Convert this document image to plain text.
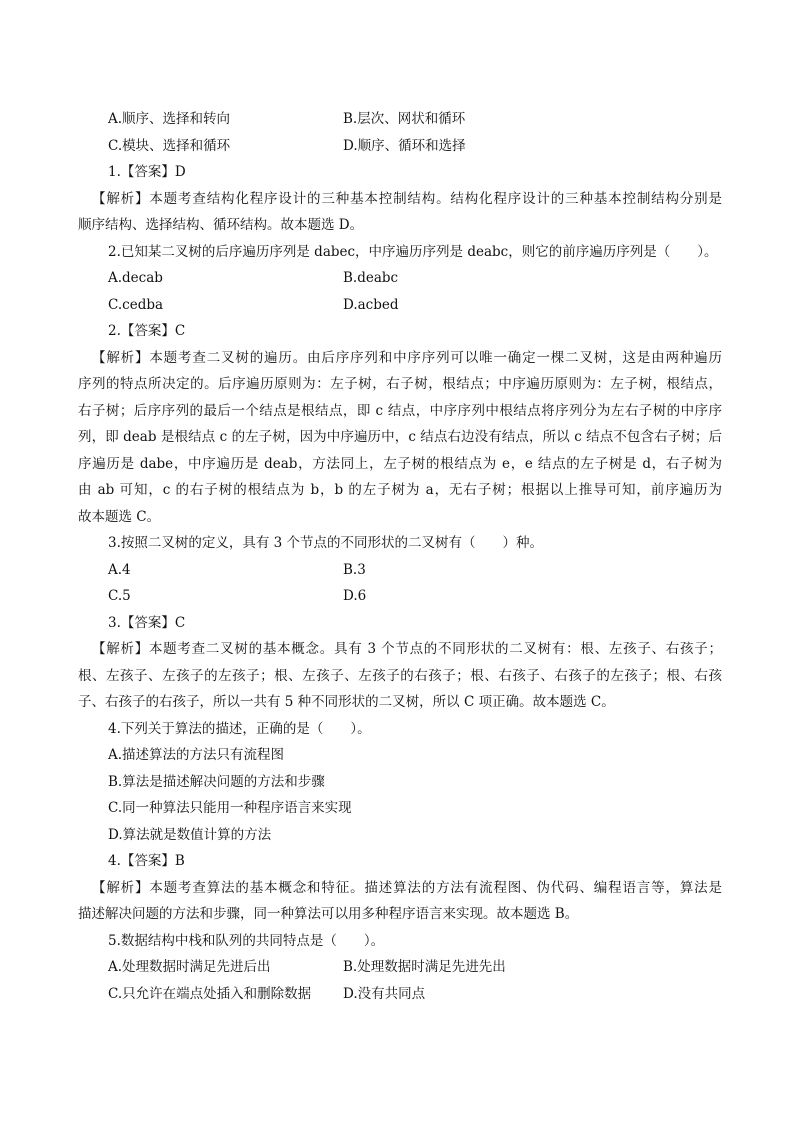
A.顺序、选择和转向	B.层次、网状和循环
C.模块、选择和循环	D.顺序、循环和选择
1.【答案】D
【解析】本题考查结构化程序设计的三种基本控制结构。结构化程序设计的三种基本控制结构分别是
顺序结构、选择结构、循环结构。故本题选 D。
2.已知某二叉树的后序遍历序列是 dabec，中序遍历序列是 deabc，则它的前序遍历序列是（　　）。
A.decab	B.deabc
C.cedba	D.acbed
2.【答案】C
【解析】本题考查二叉树的遍历。由后序序列和中序序列可以唯一确定一棵二叉树，这是由两种遍历
序列的特点所决定的。后序遍历原则为：左子树，右子树，根结点；中序遍历原则为：左子树，根结点，
右子树；后序序列的最后一个结点是根结点，即 c 结点，中序序列中根结点将序列分为左右子树的中序序
列，即 deab 是根结点 c 的左子树，因为中序遍历中，c 结点右边没有结点，所以 c 结点不包含右子树；后
序遍历是 dabe，中序遍历是 deab，方法同上，左子树的根结点为 e，e 结点的左子树是 d，右子树为
由 ab 可知，c 的右子树的根结点为 b，b 的左子树为 a，无右子树；根据以上推导可知，前序遍历为
故本题选 C。
3.按照二叉树的定义，具有 3 个节点的不同形状的二叉树有（　　）种。
A.4	B.3
C.5	D.6
3.【答案】C
【解析】本题考查二叉树的基本概念。具有 3 个节点的不同形状的二叉树有：根、左孩子、右孩子；
根、左孩子、左孩子的左孩子；根、左孩子、左孩子的右孩子；根、右孩子、右孩子的左孩子；根、右孩
子、右孩子的右孩子，所以一共有 5 种不同形状的二叉树，所以 C 项正确。故本题选 C。
4.下列关于算法的描述，正确的是（　　）。
A.描述算法的方法只有流程图
B.算法是描述解决问题的方法和步骤
C.同一种算法只能用一种程序语言来实现
D.算法就是数值计算的方法
4.【答案】B
【解析】本题考查算法的基本概念和特征。描述算法的方法有流程图、伪代码、编程语言等，算法是
描述解决问题的方法和步骤，同一种算法可以用多种程序语言来实现。故本题选 B。
5.数据结构中栈和队列的共同特点是（　　）。
A.处理数据时满足先进后出	B.处理数据时满足先进先出
C.只允许在端点处插入和删除数据 D.没有共同点
